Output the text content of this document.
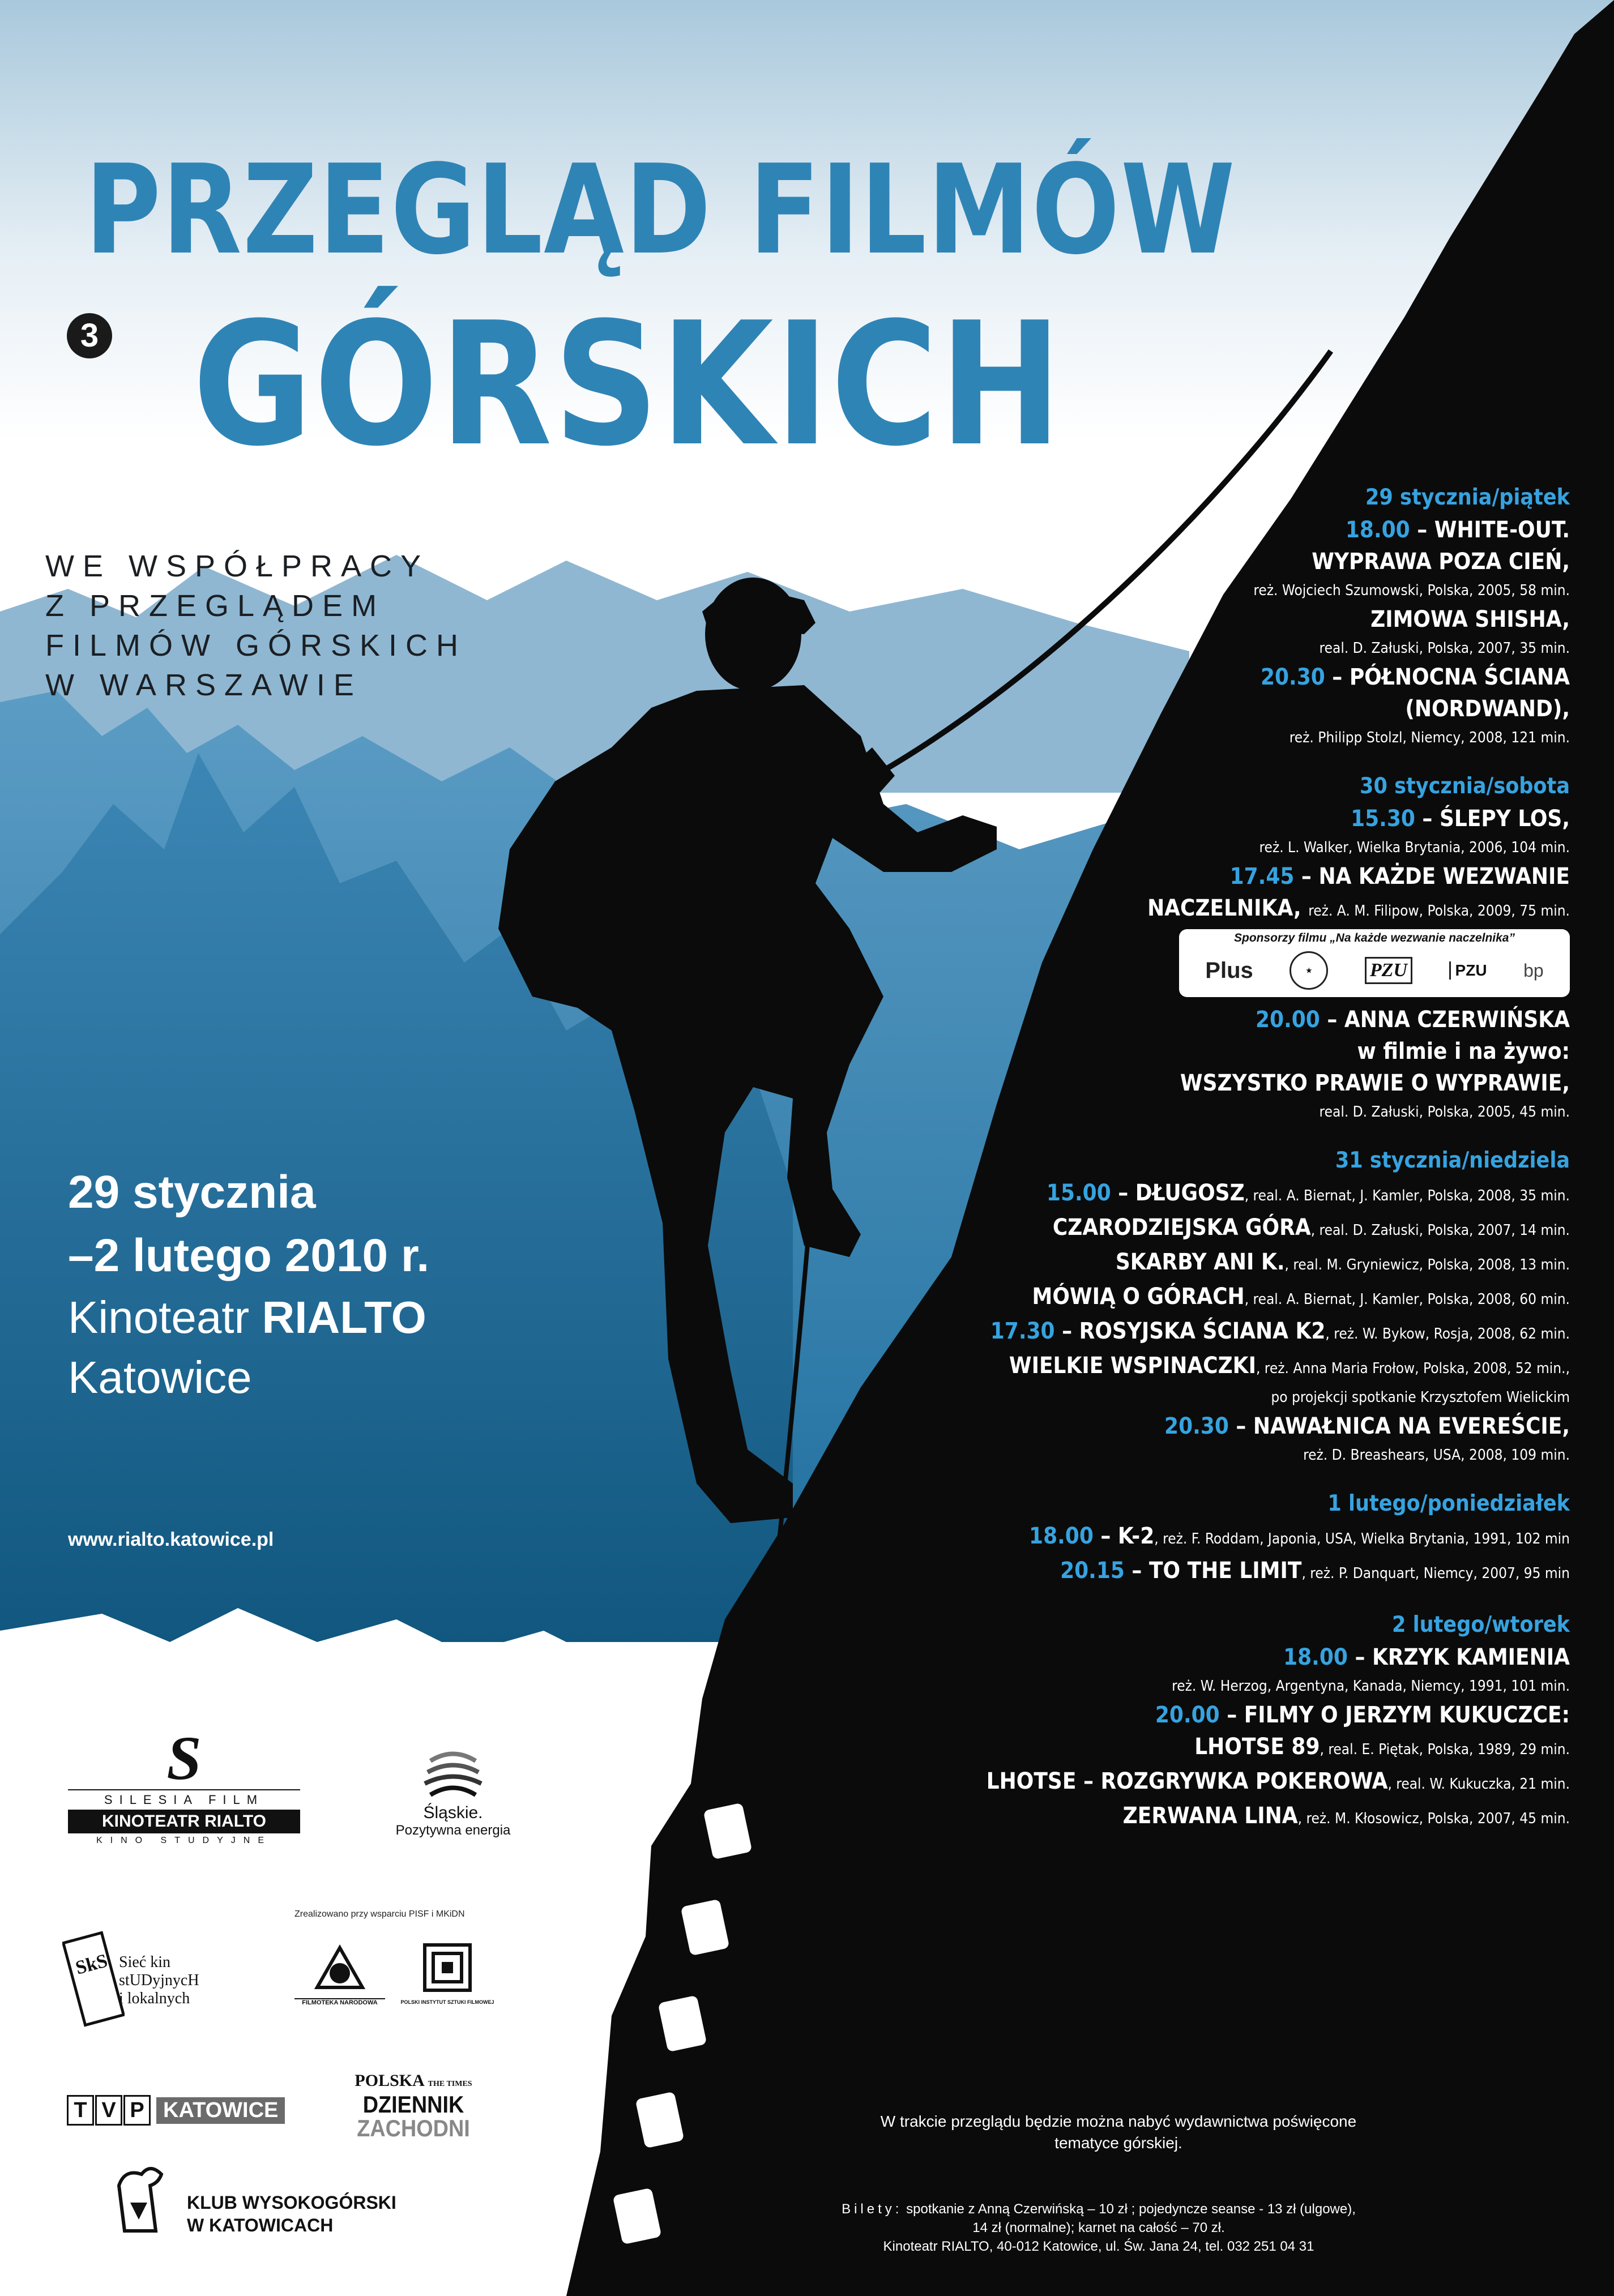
PRZEGLĄD FILMÓW
3 GÓRSKICH
WE WSPÓŁPRACY
Z PRZEGLĄDEM
FILMÓW GÓRSKICH
W WARSZAWIE
29 stycznia
–2 lutego 2010 r.
Kinoteatr RIALTO
Katowice
www.rialto.katowice.pl
29 stycznia/piątek
18.00 – WHITE-OUT.
WYPRAWA POZA CIEŃ,
reż. Wojciech Szumowski, Polska, 2005, 58 min.
ZIMOWA SHISHA,
real. D. Załuski, Polska, 2007, 35 min.
20.30 – PÓŁNOCNA ŚCIANA
(NORDWAND),
reż. Philipp Stolzl, Niemcy, 2008, 121 min.
30 stycznia/sobota
15.30 – ŚLEPY LOS,
reż. L. Walker, Wielka Brytania, 2006, 104 min.
17.45 – NA KAŻDE WEZWANIE
NACZELNIKA, reż. A. M. Filipow, Polska, 2009, 75 min.
Sponsorzy filmu „Na każde wezwanie naczelnika”
Plus	★	PZU	PZU bp
20.00 – ANNA CZERWIŃSKA
w filmie i na żywo:
WSZYSTKO PRAWIE O WYPRAWIE,
real. D. Załuski, Polska, 2005, 45 min.
31 stycznia/niedziela
15.00 – DŁUGOSZ, real. A. Biernat, J. Kamler, Polska, 2008, 35 min.
CZARODZIEJSKA GÓRA, real. D. Załuski, Polska, 2007, 14 min.
SKARBY ANI K., real. M. Gryniewicz, Polska, 2008, 13 min.
MÓWIĄ O GÓRACH, real. A. Biernat, J. Kamler, Polska, 2008, 60 min.
17.30 – ROSYJSKA ŚCIANA K2, reż. W. Bykow, Rosja, 2008, 62 min.
WIELKIE WSPINACZKI, reż. Anna Maria Frołow, Polska, 2008, 52 min.,
po projekcji spotkanie Krzysztofem Wielickim
20.30 – NAWAŁNICA NA EVEREŚCIE,
reż. D. Breashears, USA, 2008, 109 min.
1 lutego/poniedziałek
18.00 – K-2, reż. F. Roddam, Japonia, USA, Wielka Brytania, 1991, 102 min
20.15 – TO THE LIMIT, reż. P. Danquart, Niemcy, 2007, 95 min
2 lutego/wtorek
18.00 – KRZYK KAMIENIA
reż. W. Herzog, Argentyna, Kanada, Niemcy, 1991, 101 min.
20.00 – FILMY O JERZYM KUKUCZCE:
LHOTSE 89, real. E. Piętak, Polska, 1989, 29 min.
LHOTSE – ROZGRYWKA POKEROWA, real. W. Kukuczka, 21 min.
ZERWANA LINA, reż. M. Kłosowicz, Polska, 2007, 45 min.
W trakcie przeglądu będzie można nabyć wydawnictwa poświęcone
tematyce górskiej.
Bilety: spotkanie z Anną Czerwińską – 10 zł ; pojedyncze seanse - 13 zł (ulgowe),
14 zł (normalne); karnet na całość – 70 zł.
Kinoteatr RIALTO, 40-012 Katowice, ul. Św. Jana 24, tel. 032 251 04 31
S
SILESIA FILM
KINOTEATR RIALTO
KINO STUDYJNE
Śląskie.
Pozytywna energia
Zrealizowano przy wsparciu PISF i MKiDN
SkS Sieć kin
stUDyjnycH
i lokalnych	FILMOTEKA NARODOWA	POLSKI INSTYTUT SZTUKI FILMOWEJ
T V P KATOWICE
POLSKA THE TIMES
DZIENNIK
ZACHODNI
KLUB WYSOKOGÓRSKI
W KATOWICACH
